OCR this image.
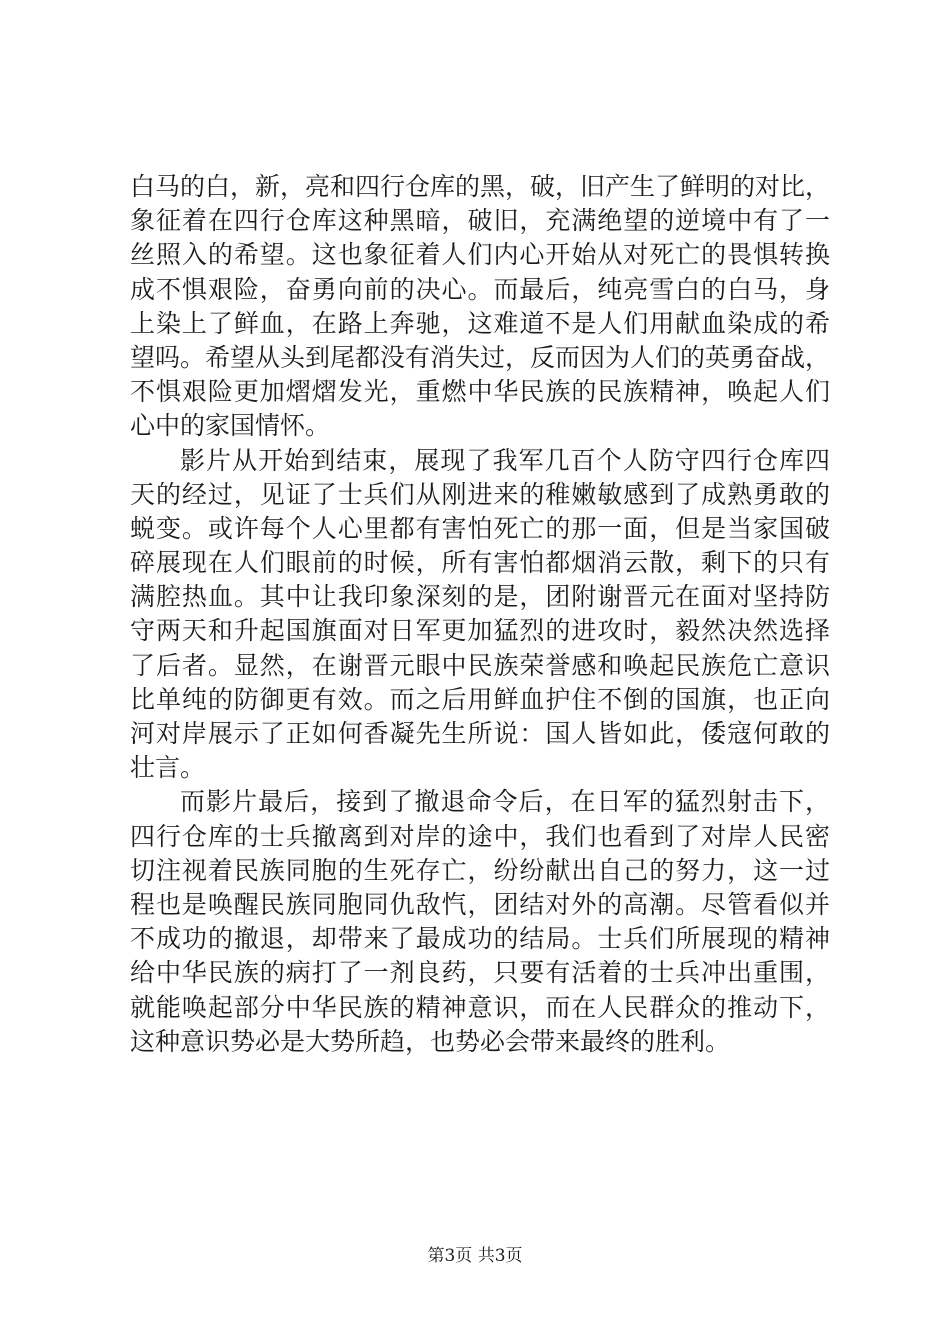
白马的白，新，亮和四行仓库的黑，破，旧产生了鲜明的对比，
象征着在四行仓库这种黑暗，破旧，充满绝望的逆境中有了一
丝照入的希望。这也象征着人们内心开始从对死亡的畏惧转换
成不惧艰险，奋勇向前的决心。而最后，纯亮雪白的白马，身
上染上了鲜血，在路上奔驰，这难道不是人们用献血染成的希
望吗。希望从头到尾都没有消失过，反而因为人们的英勇奋战，
不惧艰险更加熠熠发光，重燃中华民族的民族精神，唤起人们
心中的家国情怀。
影片从开始到结束，展现了我军几百个人防守四行仓库四
天的经过，见证了士兵们从刚进来的稚嫩敏感到了成熟勇敢的
蜕变。或许每个人心里都有害怕死亡的那一面，但是当家国破
碎展现在人们眼前的时候，所有害怕都烟消云散，剩下的只有
满腔热血。其中让我印象深刻的是，团附谢晋元在面对坚持防
守两天和升起国旗面对日军更加猛烈的进攻时，毅然决然选择
了后者。显然，在谢晋元眼中民族荣誉感和唤起民族危亡意识
比单纯的防御更有效。而之后用鲜血护住不倒的国旗，也正向
河对岸展示了正如何香凝先生所说：国人皆如此，倭寇何敢的
壮言。
而影片最后，接到了撤退命令后，在日军的猛烈射击下，
四行仓库的士兵撤离到对岸的途中，我们也看到了对岸人民密
切注视着民族同胞的生死存亡，纷纷献出自己的努力，这一过
程也是唤醒民族同胞同仇敌忾，团结对外的高潮。尽管看似并
不成功的撤退，却带来了最成功的结局。士兵们所展现的精神
给中华民族的病打了一剂良药，只要有活着的士兵冲出重围，
就能唤起部分中华民族的精神意识，而在人民群众的推动下，
这种意识势必是大势所趋，也势必会带来最终的胜利。
第3页 共3页
